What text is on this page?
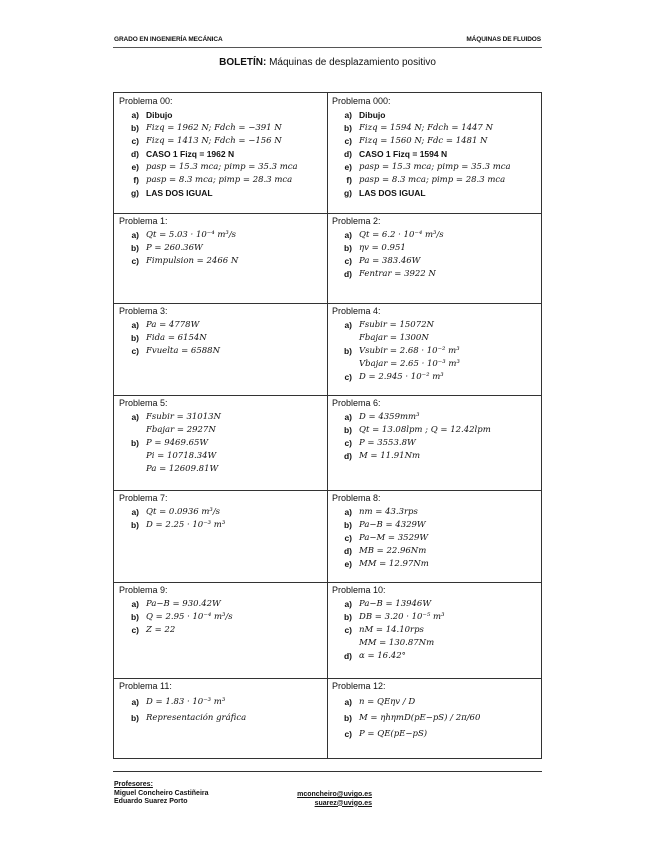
GRADO EN INGENIERÍA MECÁNICA	MÁQUINAS DE FLUIDOS
BOLETÍN: Máquinas de desplazamiento positivo
Problema 00:
a) Dibujo
b) Fizq = 1962 N; Fdch = −391 N
c) Fizq = 1413 N; Fdch = −156 N
d) CASO 1 Fizq = 1962 N
e) pasp = 15.3 mca; pimp = 35.3 mca
f) pasp = 8.3 mca; pimp = 28.3 mca
g) LAS DOS IGUAL
Problema 000:
a) Dibujo
b) Fizq = 1594 N; Fdch = 1447 N
c) Fizq = 1560 N; Fdc = 1481 N
d) CASO 1 Fizq = 1594 N
e) pasp = 15.3 mca; pimp = 35.3 mca
f) pasp = 8.3 mca; pimp = 28.3 mca
g) LAS DOS IGUAL
Problema 1:
a) Qt = 5.03 · 10⁻⁴ m³/s
b) P = 260.36W
c) Fimpulsion = 2466 N
Problema 2:
a) Qt = 6.2 · 10⁻⁴ m³/s
b) ηv = 0.951
c) Pa = 383.46W
d) Fentrar = 3922 N
Problema 3:
a) Pa = 4778W
b) Fida = 6154N
c) Fvuelta = 6588N
Problema 4:
a) Fsubir = 15072N
Fbajar = 1300N
b) Vsubir = 2.68 · 10⁻² m³
Vbajar = 2.65 · 10⁻³ m³
c) D = 2.945 · 10⁻² m³
Problema 5:
a) Fsubir = 31013N
Fbajar = 2927N
b) P = 9469.65W
Pi = 10718.34W
Pa = 12609.81W
Problema 6:
a) D = 4359mm³
b) Qt = 13.08lpm ; Q = 12.42lpm
c) P = 3553.8W
d) M = 11.91Nm
Problema 7:
a) Qt = 0.0936 m³/s
b) D = 2.25 · 10⁻³ m³
Problema 8:
a) nm = 43.3rps
b) Pa−B = 4329W
c) Pa−M = 3529W
d) MB = 22.96Nm
e) MM = 12.97Nm
Problema 9:
a) Pa−B = 930.42W
b) Q = 2.95 · 10⁻⁴ m³/s
c) Z = 22
Problema 10:
a) Pa−B = 13946W
b) DB = 3.20 · 10⁻⁵ m³
c) nM = 14.10rps
MM = 130.87Nm
d) α = 16.42°
Problema 11:
a) D = 1.83 · 10⁻³ m³
b) Representación gráfica
Problema 12:
a) n = QEηv / D
b) M = ηhηmD(pE−pS) / 2π/60
c) P = QE(pE−pS)
Profesores:
Miguel Concheiro Castiñeira
Eduardo Suarez Porto
mconcheiro@uvigo.es
suarez@uvigo.es
